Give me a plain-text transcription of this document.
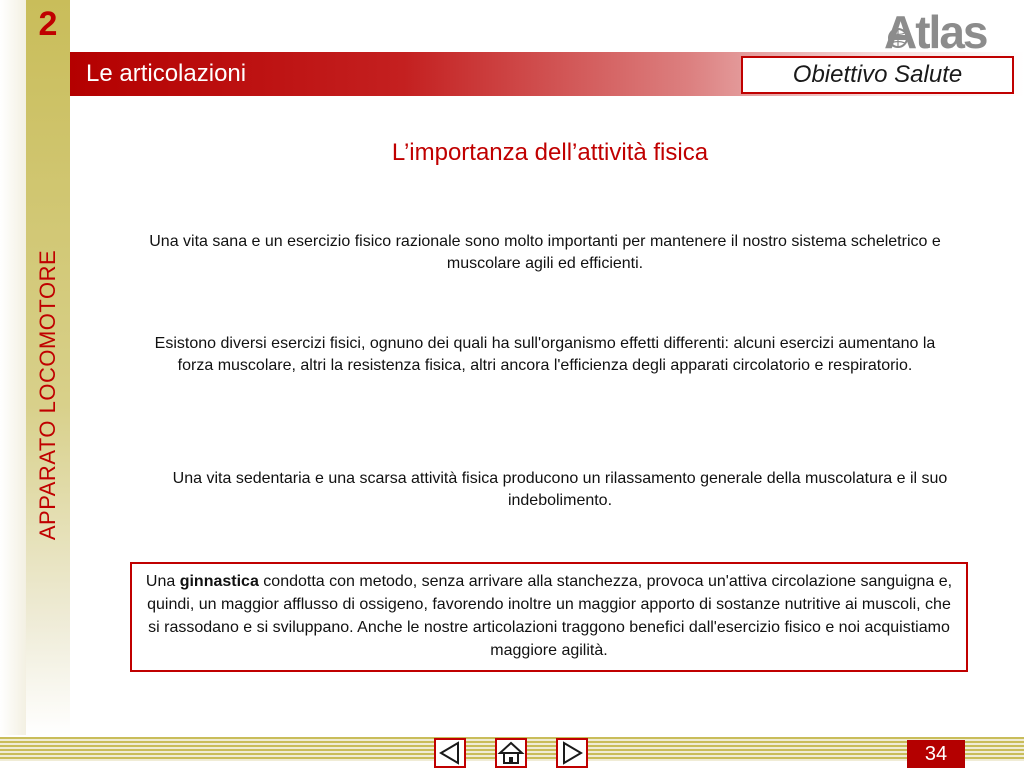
2
APPARATO LOCOMOTORE
Atlas
Le articolazioni	Obiettivo Salute
L’importanza dell’attività fisica

Una vita sana e un esercizio fisico razionale sono molto importanti per mantenere il nostro sistema scheletrico e muscolare agili ed efficienti.

Esistono diversi esercizi fisici, ognuno dei quali ha sull'organismo effetti differenti: alcuni esercizi aumentano la forza muscolare, altri la resistenza fisica, altri ancora l'efficienza degli apparati circolatorio e respiratorio.

Una vita sedentaria e una scarsa attività fisica producono un rilassamento generale della muscolatura e il suo indebolimento.

Una ginnastica condotta con metodo, senza arrivare alla stanchezza, provoca un'attiva circolazione sanguigna e, quindi, un maggior afflusso di ossigeno, favorendo inoltre un maggior apporto di sostanze nutritive ai muscoli, che si rassodano e si sviluppano. Anche le nostre articolazioni traggono benefici dall'esercizio fisico e noi acquistiamo maggiore agilità.
34
